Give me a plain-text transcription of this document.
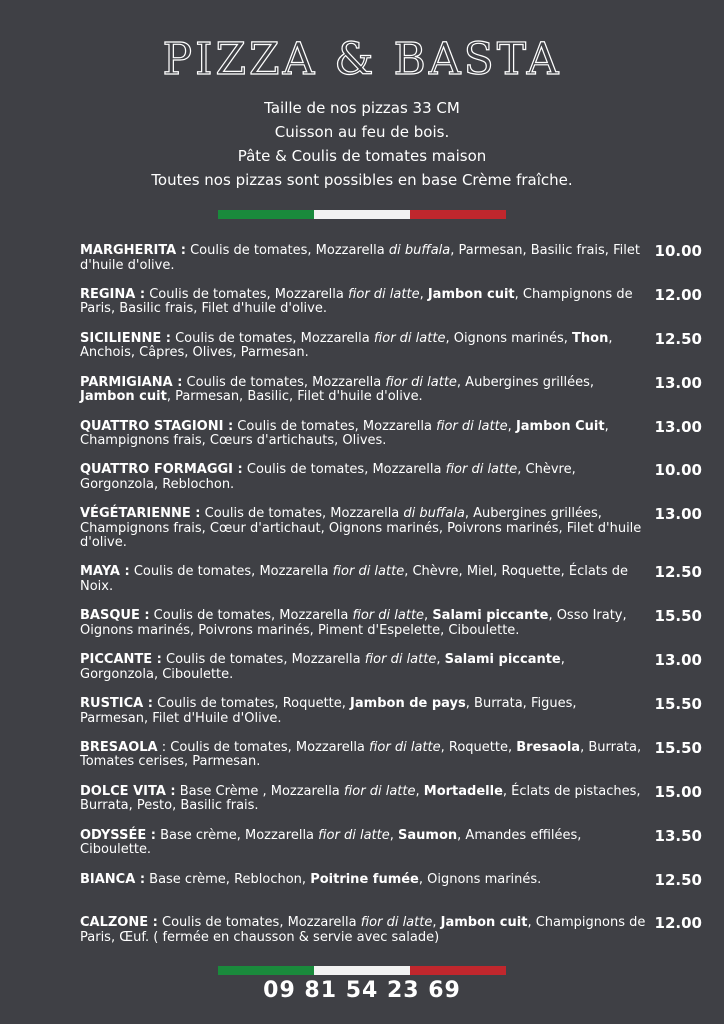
PIZZA & BASTA
Taille de nos pizzas 33 CM
Cuisson au feu de bois.
Pâte & Coulis de tomates maison
Toutes nos pizzas sont possibles en base Crème fraîche.
MARGHERITA : Coulis de tomates, Mozzarella di buffala, Parmesan, Basilic frais, Filet d'huile d'olive.
10.00
REGINA : Coulis de tomates, Mozzarella fior di latte, Jambon cuit, Champignons de Paris, Basilic frais, Filet d'huile d'olive.
12.00
SICILIENNE : Coulis de tomates, Mozzarella fior di latte, Oignons marinés, Thon, Anchois, Câpres, Olives, Parmesan.
12.50
PARMIGIANA : Coulis de tomates, Mozzarella fior di latte, Aubergines grillées, Jambon cuit, Parmesan, Basilic, Filet d'huile d'olive.
13.00
QUATTRO STAGIONI : Coulis de tomates, Mozzarella fior di latte, Jambon Cuit, Champignons frais, Cœurs d'artichauts, Olives.
13.00
QUATTRO FORMAGGI : Coulis de tomates, Mozzarella fior di latte, Chèvre, Gorgonzola, Reblochon.
10.00
VÉGÉTARIENNE : Coulis de tomates, Mozzarella di buffala, Aubergines grillées, Champignons frais, Cœur d'artichaut, Oignons marinés, Poivrons marinés, Filet d'huile d'olive.
13.00
MAYA : Coulis de tomates, Mozzarella fior di latte, Chèvre, Miel, Roquette, Éclats de Noix.
12.50
BASQUE : Coulis de tomates, Mozzarella fior di latte, Salami piccante, Osso Iraty, Oignons marinés, Poivrons marinés, Piment d'Espelette, Ciboulette.
15.50
PICCANTE : Coulis de tomates, Mozzarella fior di latte, Salami piccante, Gorgonzola, Ciboulette.
13.00
RUSTICA : Coulis de tomates, Roquette, Jambon de pays, Burrata, Figues, Parmesan, Filet d'Huile d'Olive.
15.50
BRESAOLA : Coulis de tomates, Mozzarella fior di latte, Roquette, Bresaola, Burrata, Tomates cerises, Parmesan.
15.50
DOLCE VITA : Base Crème , Mozzarella fior di latte, Mortadelle, Éclats de pistaches, Burrata, Pesto, Basilic frais.
15.00
ODYSSÉE : Base crème, Mozzarella fior di latte, Saumon, Amandes effilées, Ciboulette.
13.50
BIANCA : Base crème, Reblochon, Poitrine fumée, Oignons marinés.	12.50
CALZONE : Coulis de tomates, Mozzarella fior di latte, Jambon cuit, Champignons de Paris, Œuf. ( fermée en chausson & servie avec salade)
12.00
09 81 54 23 69
